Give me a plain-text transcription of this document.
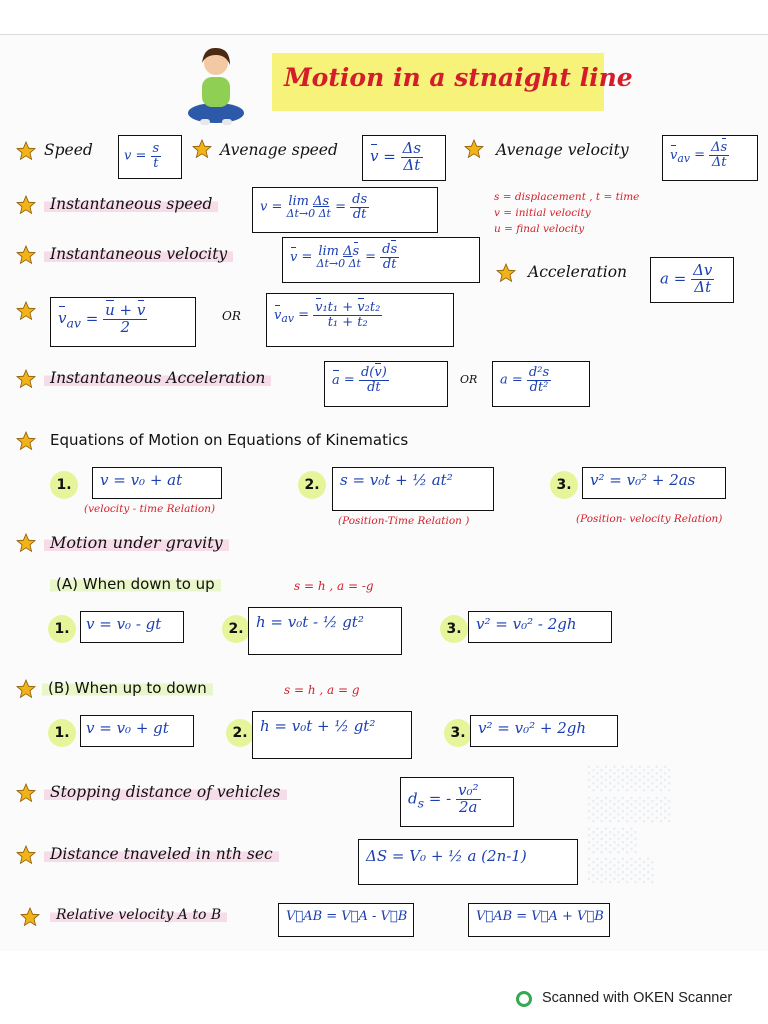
Motion in a stnaight line
Speed $v = \frac{s}{t}$	Avenage speed $v = \frac{\Delta s}{\Delta t}$	Avenage velocity	$v_{av} = \frac{\Delta s}{\Delta t}$
Instantaneous speed	v = lim Δs
Δt→0 $\Delta t = \frac{ds}{dt}$	s = displacement , t = time
v = initial velocity
u = final velocity
Instantaneous velocity	v = lim Δs
Δt→0 $\Delta t = \frac{ds}{dt}$
Acceleration $a = \frac{\Delta v}{\Delta t}$
$v_{av} = \frac{u + v}{2}$	OR	$v_{av} = \frac{\text{v₁t₁ + v₂t₂}}{\text{t₁ + t₂}}$
Instantaneous Acceleration	$a = \frac{d(v)}{dt}$	OR $a = \frac{\text{d²s}}{\text{dt²}}$
Equations of Motion on Equations of Kinematics
1.	v = v₀ + at
(velocity - time Relation)
2.	s = v₀t + ½ at²
(Position-Time Relation )
3.	v² = v₀² + 2as
(Position- velocity Relation)
Motion under gravity
(A) When down to up	s = h , a = -g
1.	v = v₀ - gt	2. h = v₀t - ½ gt²	3. v² = v₀² - 2gh
(B) When up to down	s = h , a = g
1.	v = v₀ + gt	2. h = v₀t + ½ gt²	3. v² = v₀² + 2gh
Stopping distance of vehicles	$d_s$ = - $\frac{\text{v₀²}}{2a}$
Distance tnaveled in nth sec	ΔS = V₀ + ½ a (2n-1)
Relative velocity A to B	V⃗AB = V⃗A - V⃗B	V⃗AB = V⃗A + V⃗B
░░░░░
░░░░░
░░░
░░░░
Scanned with OKEN Scanner
